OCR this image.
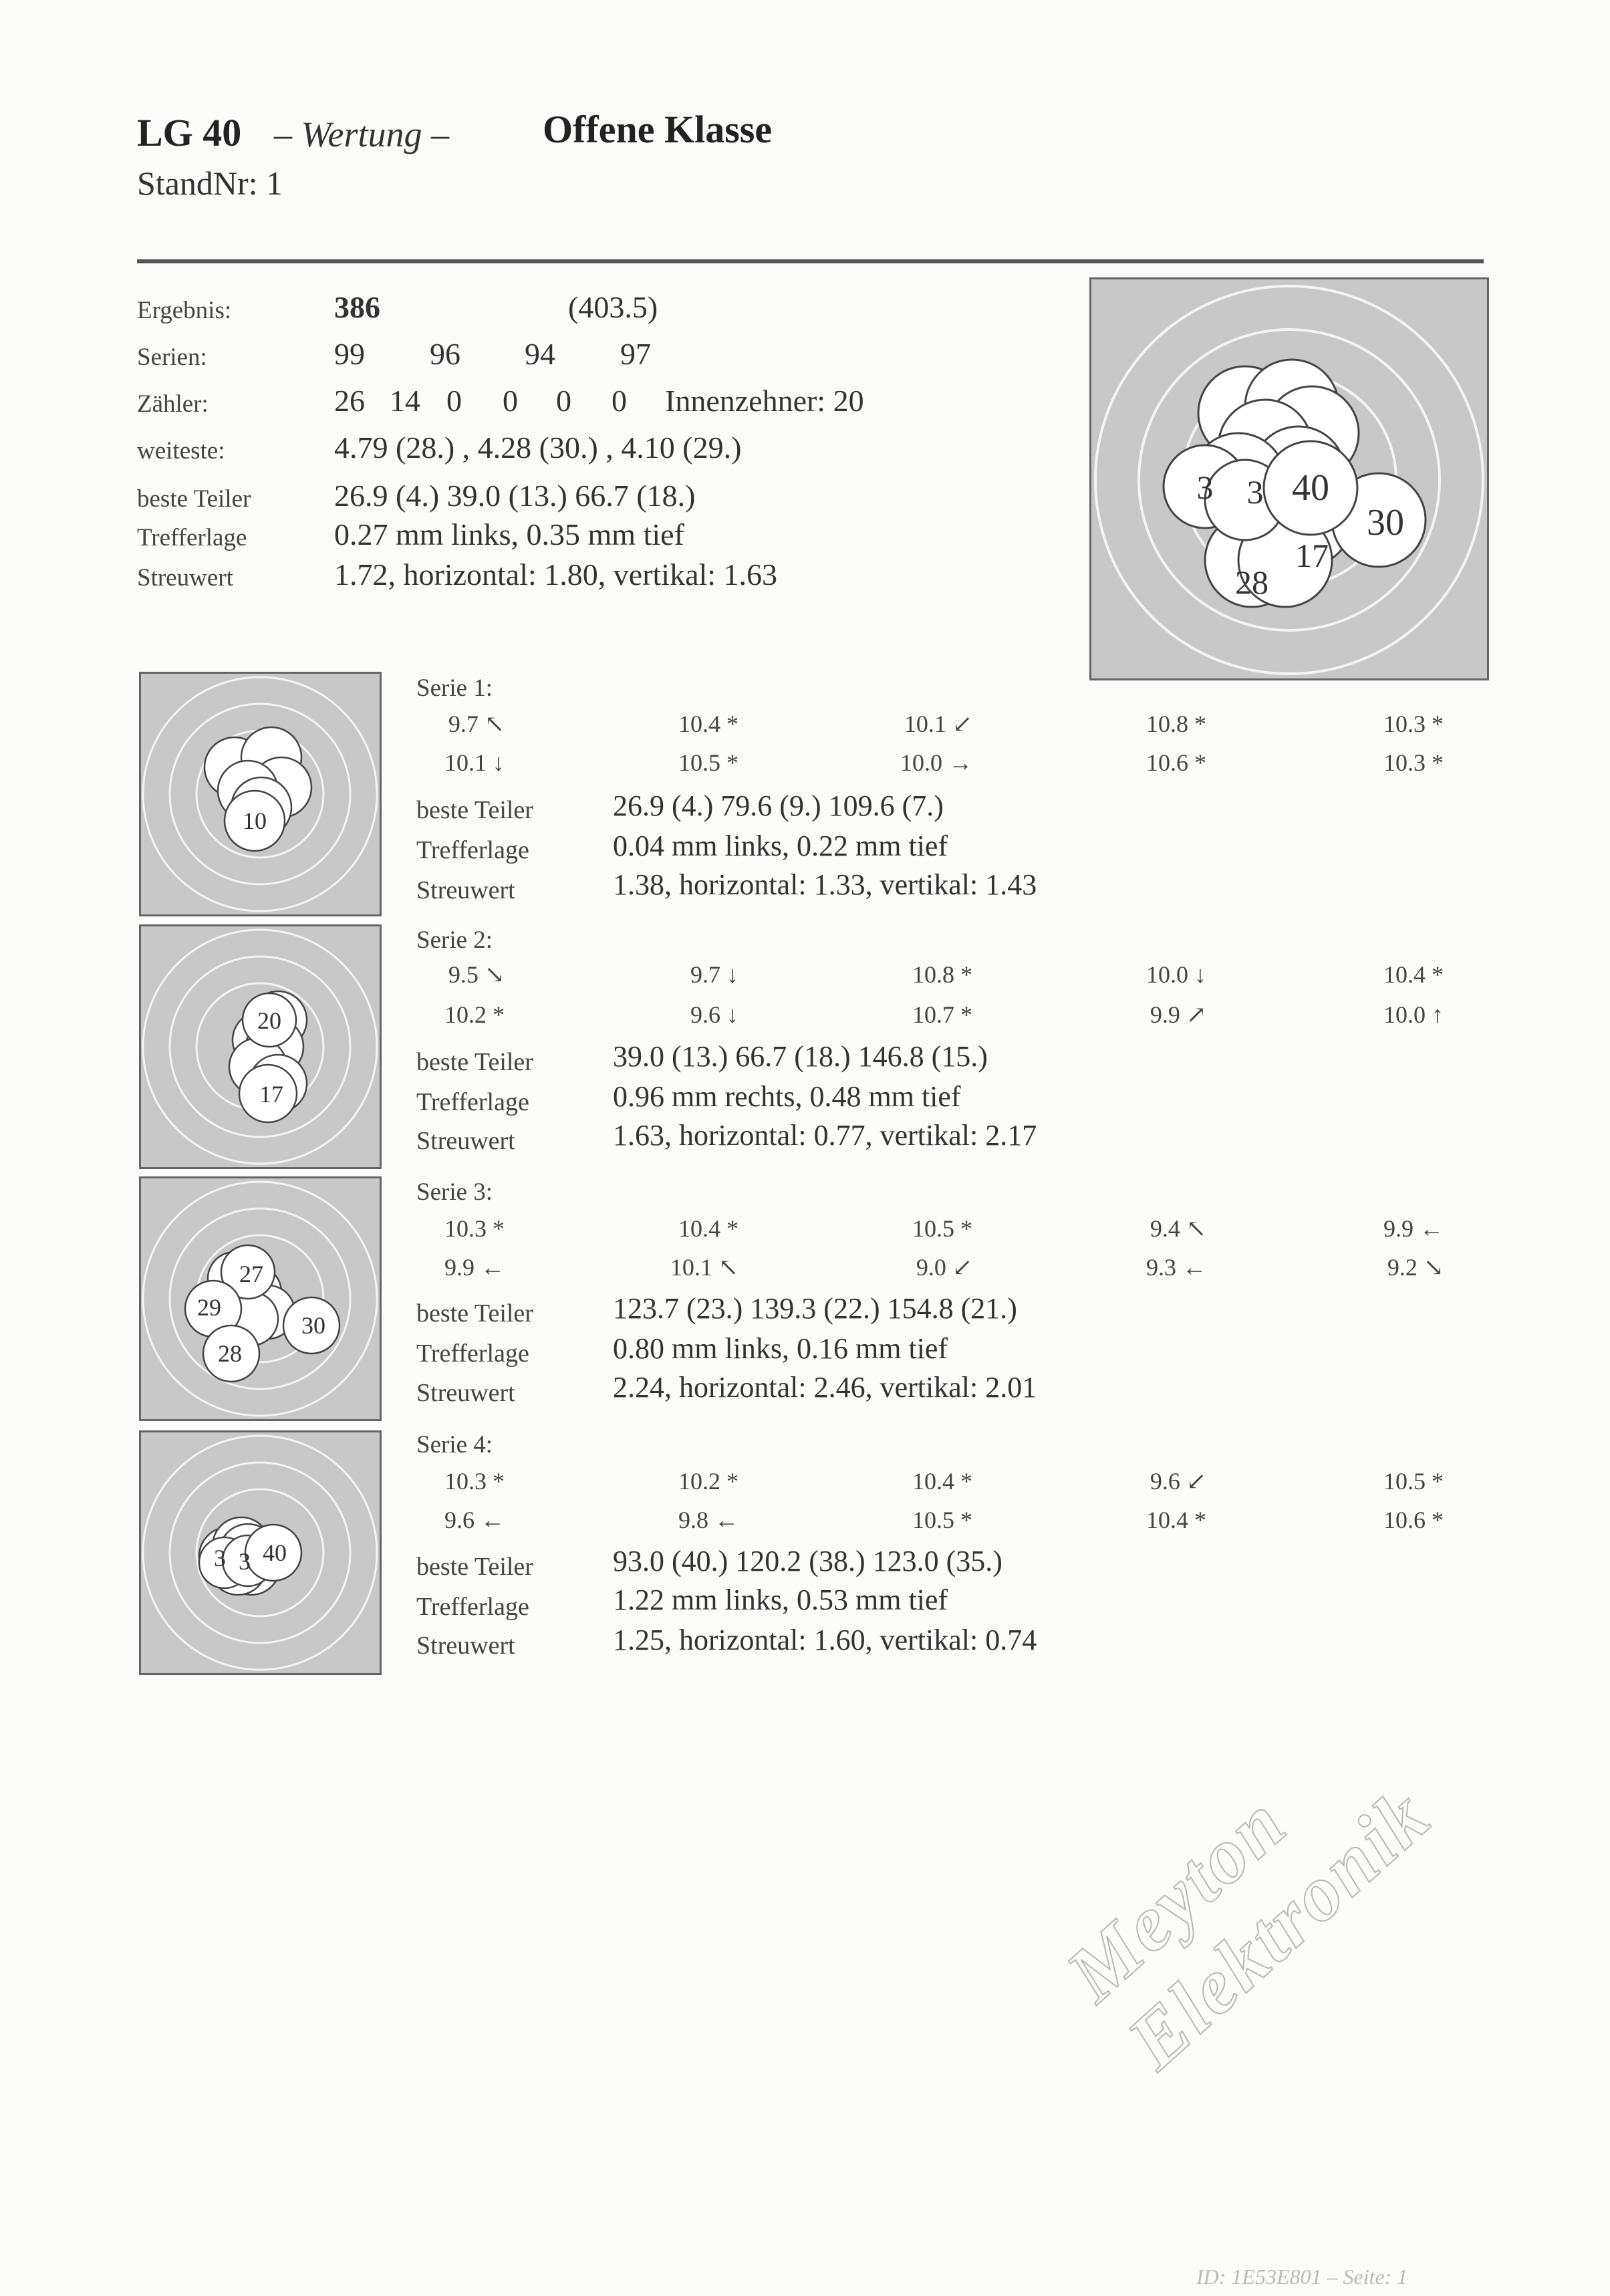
LG 40 – Wertung – Offene Klasse
StandNr: 1
Ergebnis:	386	(403.5)
Serien:	99 96 94 97
Zähler:	26 14 0 0 0 0 Innenzehner: 20
weiteste:	4.79 (28.) , 4.28 (30.) , 4.10 (29.)
beste Teiler	26.9 (4.) 39.0 (13.) 66.7 (18.)
Trefferlage	0.27 mm links, 0.35 mm tief
Streuwert	1.72, horizontal: 1.80, vertikal: 1.63
3 3 40
30
17
28
10
Serie 1:
9.7 ↖	10.4 *	10.1 ↙	10.8 *	10.3 *
10.1 ↓	10.5 *	10.0 →	10.6 *	10.3 *
beste Teiler	26.9 (4.) 79.6 (9.) 109.6 (7.)
Trefferlage	0.04 mm links, 0.22 mm tief
Streuwert	1.38, horizontal: 1.33, vertikal: 1.43
20
17
Serie 2:
9.5 ↘	9.7 ↓	10.8 *	10.0 ↓	10.4 *
10.2 *	9.6 ↓	10.7 *	9.9 ↗	10.0 ↑
beste Teiler	39.0 (13.) 66.7 (18.) 146.8 (15.)
Trefferlage	0.96 mm rechts, 0.48 mm tief
Streuwert	1.63, horizontal: 0.77, vertikal: 2.17
27
29
30
28
Serie 3:
10.3 *	10.4 *	10.5 *	9.4 ↖	9.9 ←
9.9 ←	10.1 ↖	9.0 ↙	9.3 ←	9.2 ↘
beste Teiler	123.7 (23.) 139.3 (22.) 154.8 (21.)
Trefferlage	0.80 mm links, 0.16 mm tief
Streuwert	2.24, horizontal: 2.46, vertikal: 2.01
3 3 40
Serie 4:
10.3 *	10.2 *	10.4 *	9.6 ↙	10.5 *
9.6 ←	9.8 ←	10.5 *	10.4 *	10.6 *
beste Teiler	93.0 (40.) 120.2 (38.) 123.0 (35.)
Trefferlage	1.22 mm links, 0.53 mm tief
Streuwert	1.25, horizontal: 1.60, vertikal: 0.74
Meyton Elektronik
ID: 1E53E801 – Seite: 1
